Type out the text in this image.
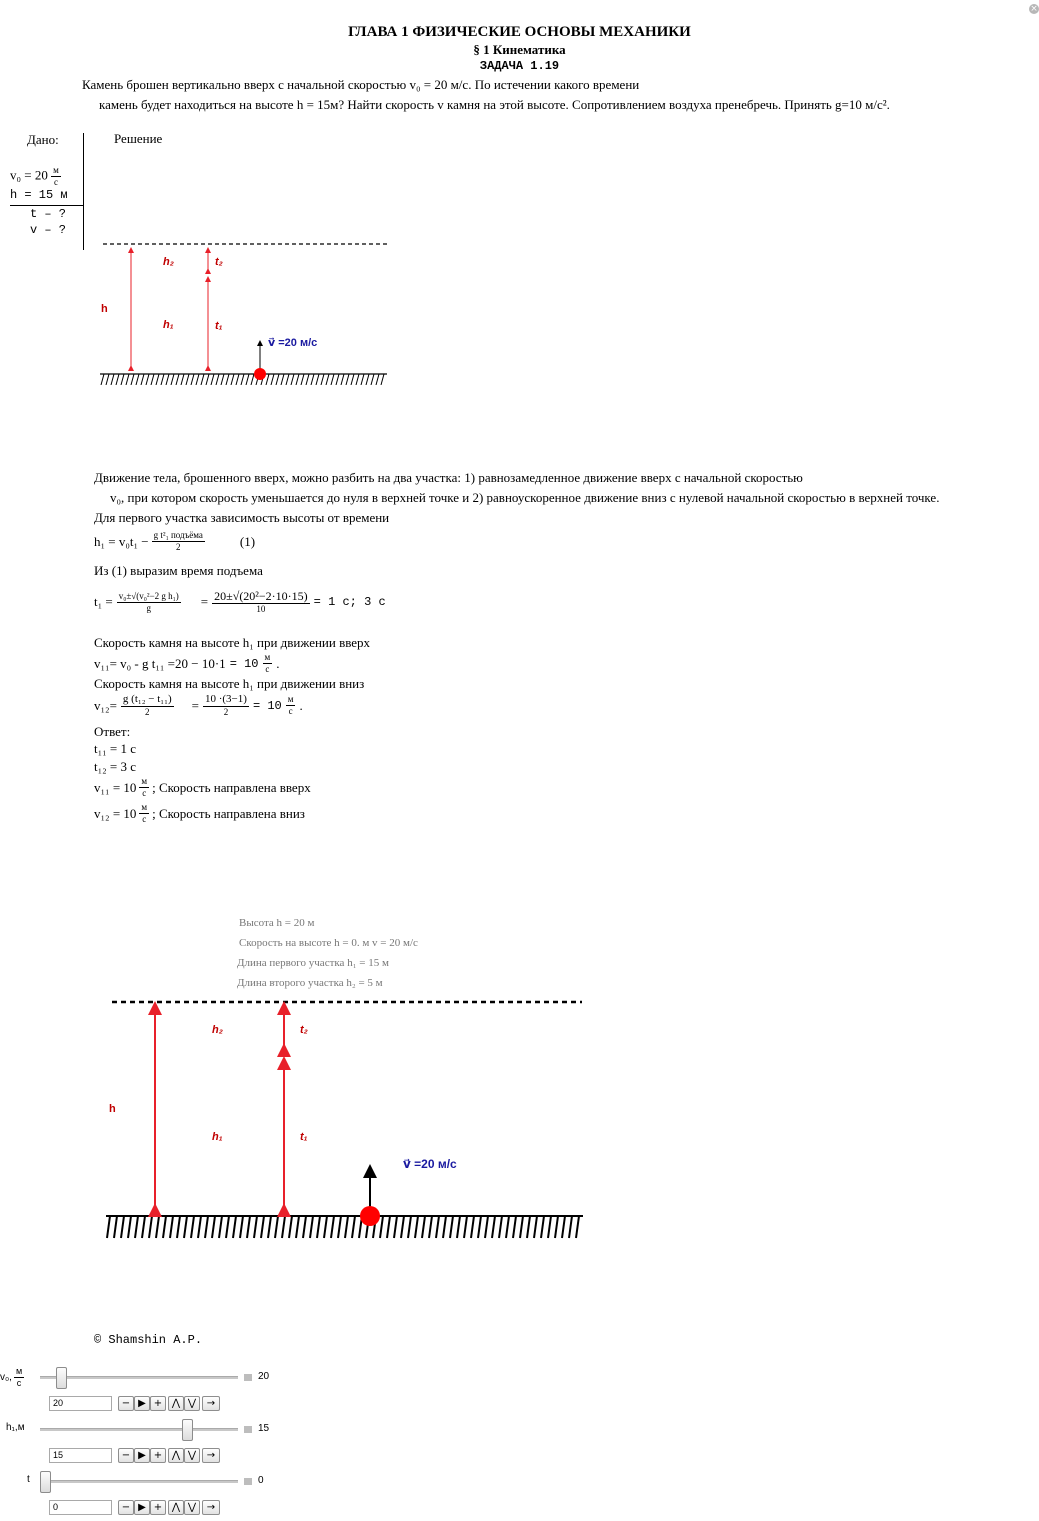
×
ГЛАВА 1 ФИЗИЧЕСКИЕ ОСНОВЫ МЕХАНИКИ
§ 1 Кинематика
ЗАДАЧА 1.19
Камень брошен вертикально вверх с начальной скоростью v₀ = 20 м/с. По истечении какого времени
камень будет находиться на высоте h = 15м? Найти скорость v камня на этой высоте. Сопротивлением воздуха пренебречь. Принять g=10 м/с².
Дано:
$v_0 = 20 \frac{м}{с}$
h = 15 м
t – ?
v – ?
Решение
h
h₂
h₁
t₂
t₁
v⃗ =20 м/с
Движение тела, брошенного вверх, можно разбить на два участка: 1) равнозамедленное движение вверх с начальной скоростью
v₀, при котором скорость уменьшается до нуля в верхней точке и 2) равноускоренное движение вниз с нулевой начальной скоростью в верхней точке.
Для первого участка зависимость высоты от времени
$h_1 = v_0t_1 - \frac{\text{g t²₁ подъёма}}{2}$	(1)
Из (1) выразим время подъема
$t_1 = \frac{\text{v₀±√(v₀²−2 g h₁)}}{g} = \frac{\text{20±√(20²−2·10·15)}}{10} = 1$ с; 3 с
Скорость камня на высоте h₁ при движении вверх
v₁₁= v₀ - g $t_{11} =20 - 10\cdot 1 = 10 \frac{м}{с}$ .
Скорость камня на высоте h₁ при движении вниз
$v_{12}= \frac{\text{g (t₁₂ − t₁₁)}}{2} = \frac{10 \cdot(3-1)}{2} = 10 \frac{м}{с}$ .
Ответ:
t₁₁ = 1 с
t₁₂ = 3 с
$v_{11} = 10 \frac{м}{с}$ ; Скорость направлена вверх
$v_{12} = 10 \frac{м}{с}$ ; Скорость направлена вниз
Высота h = 20 м
Скорость на высоте h = 0. м v = 20 м/с
Длина первого участка h₁ = 15 м
Длина второго участка h₂ = 5 м
h
h₂
h₁
t₂
t₁
v⃗ =20 м/с
© Shamshin A.P.
v₀, $\frac{м}{с}$	20
20	− ▶ + ⋀ ⋁	→
h₁,м	15
15	− ▶ + ⋀ ⋁	→
t	0
0	− ▶ + ⋀ ⋁	→
